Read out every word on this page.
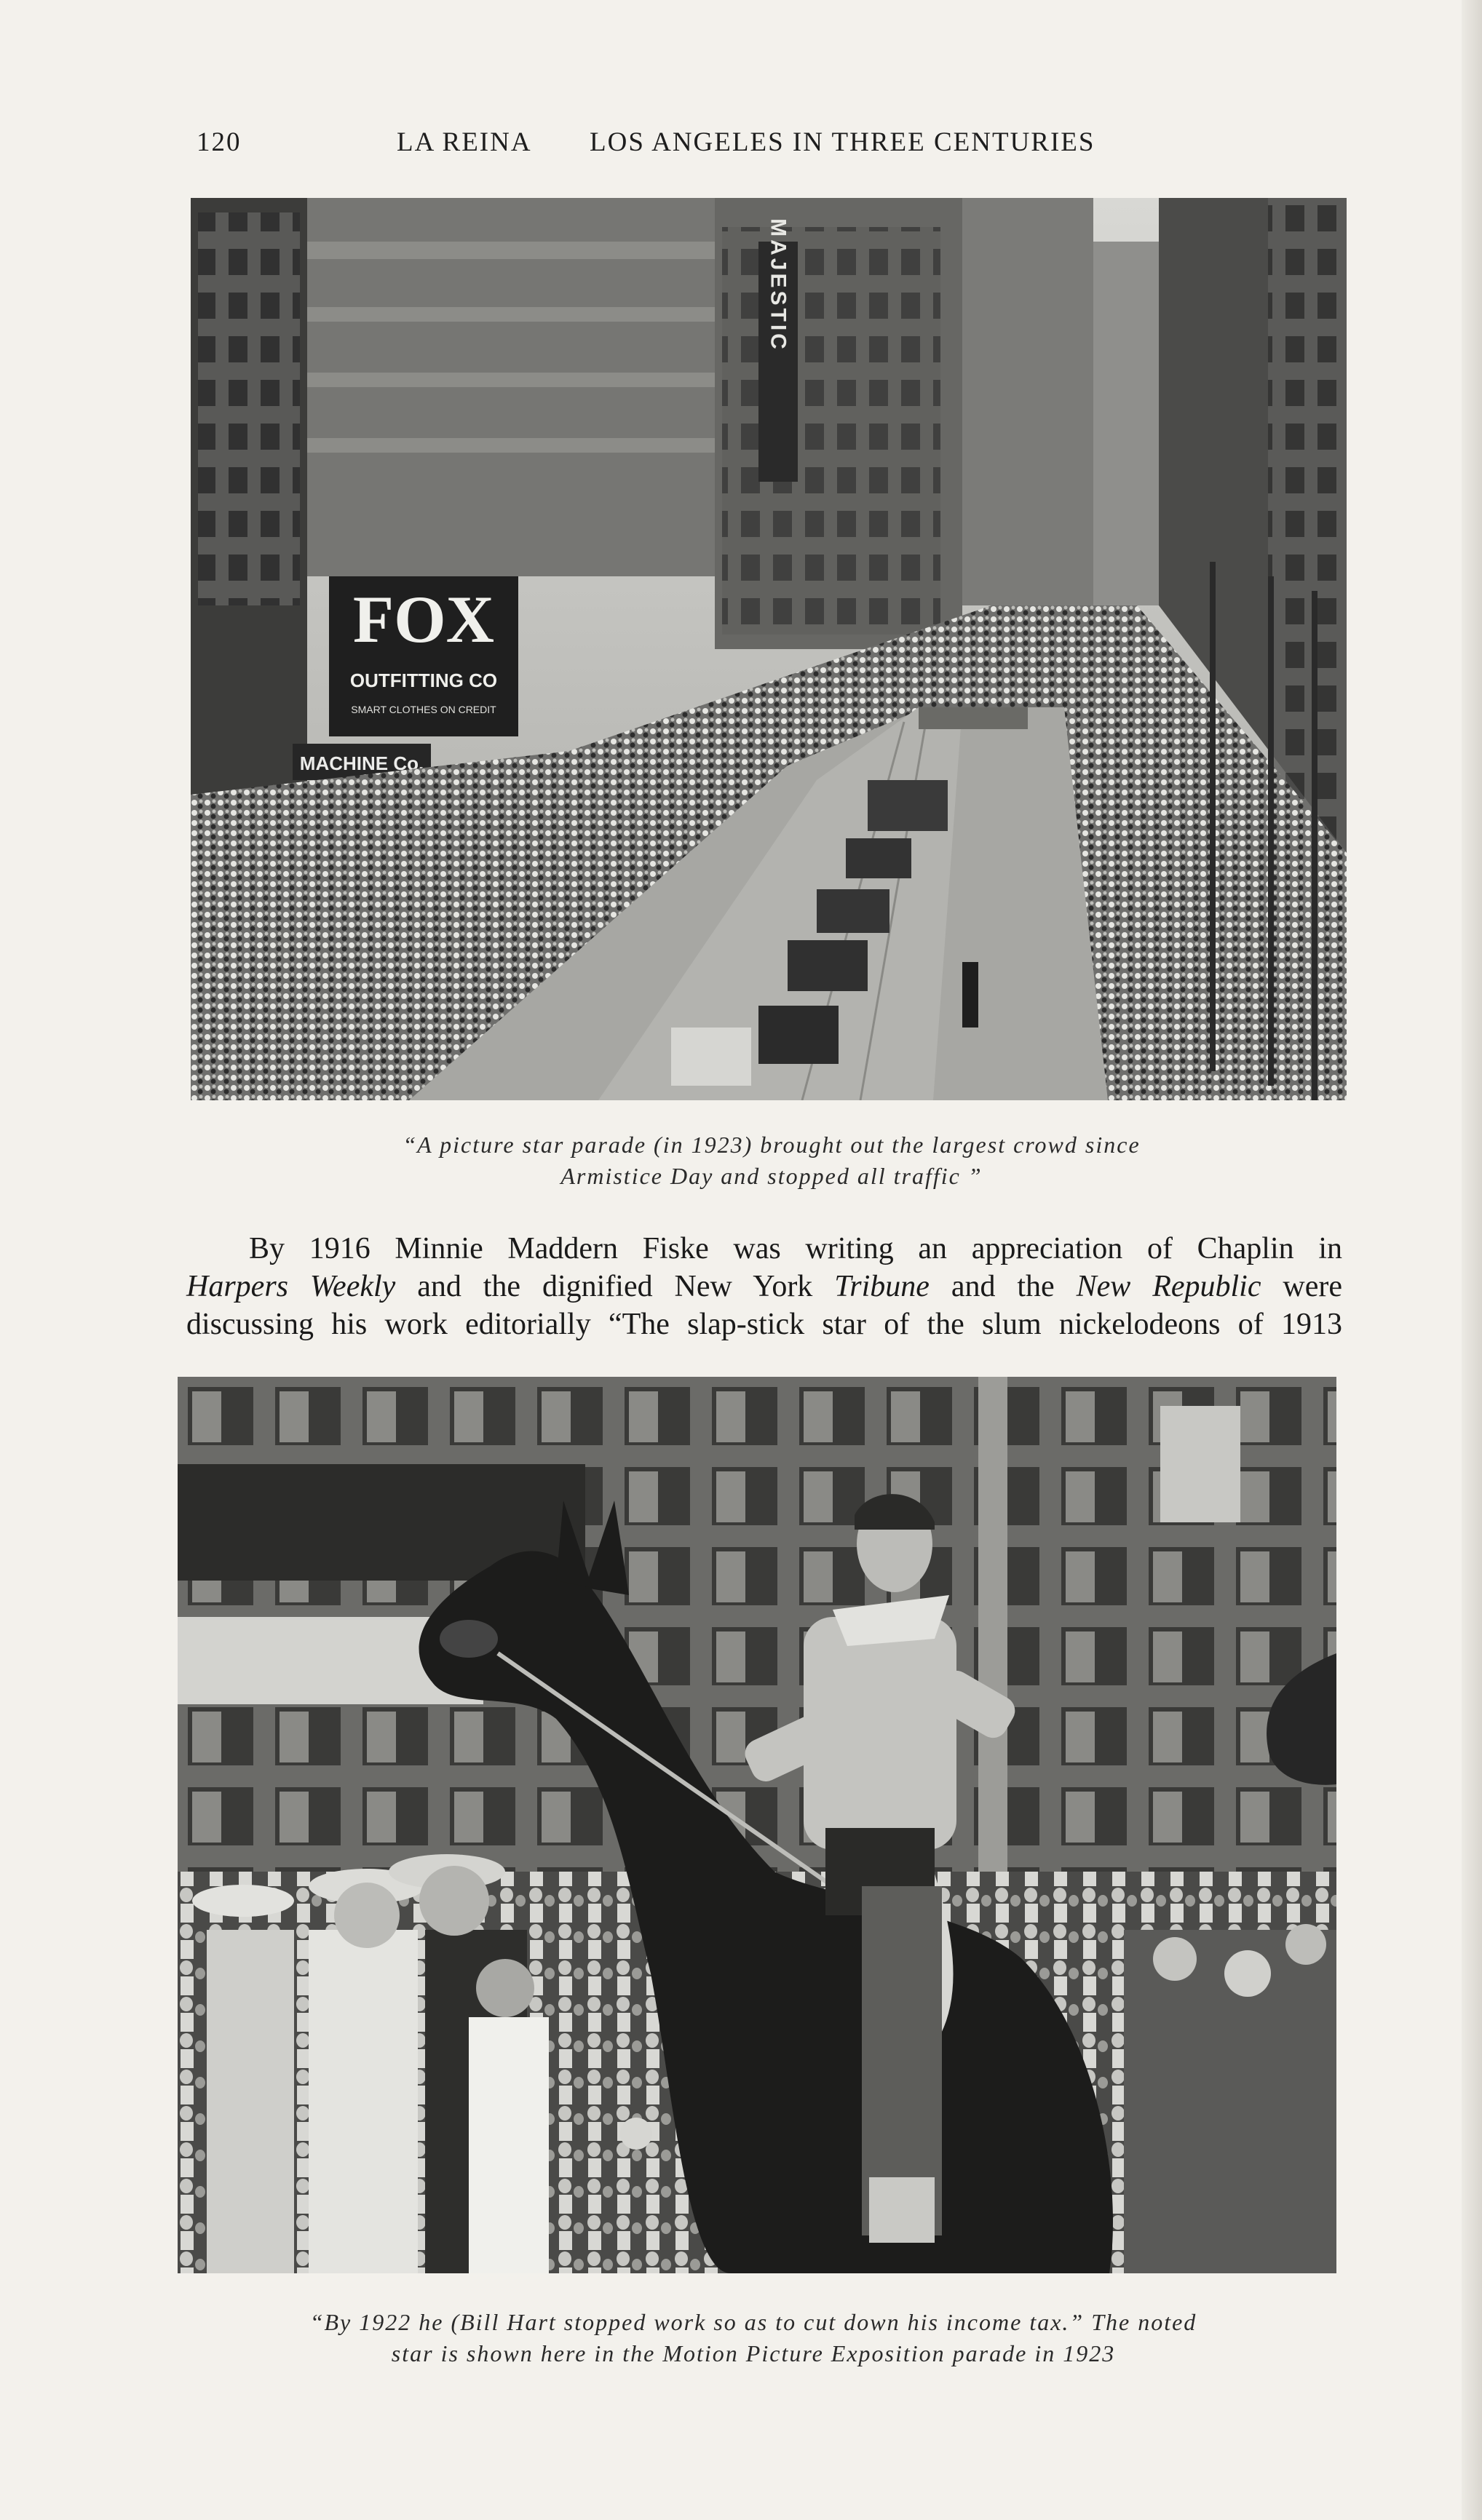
120	LA REINA LOS ANGELES IN THREE CENTURIES
MAJESTIC
FOX
OUTFITTING CO
SMART CLOTHES ON CREDIT
MACHINE Co.
“A picture star parade (in 1923) brought out the largest crowd since
Armistice Day and stopped all traffic ”

By 1916 Minnie Maddern Fiske was writing an appreciation of Chaplin in

Harpers Weekly and the dignified New York Tribune and the New Republic were

discussing his work editorially “The slap-stick star of the slum nickelodeons of 1913

“By 1922 he (Bill Hart stopped work so as to cut down his income tax.” The noted
star is shown here in the Motion Picture Exposition parade in 1923
